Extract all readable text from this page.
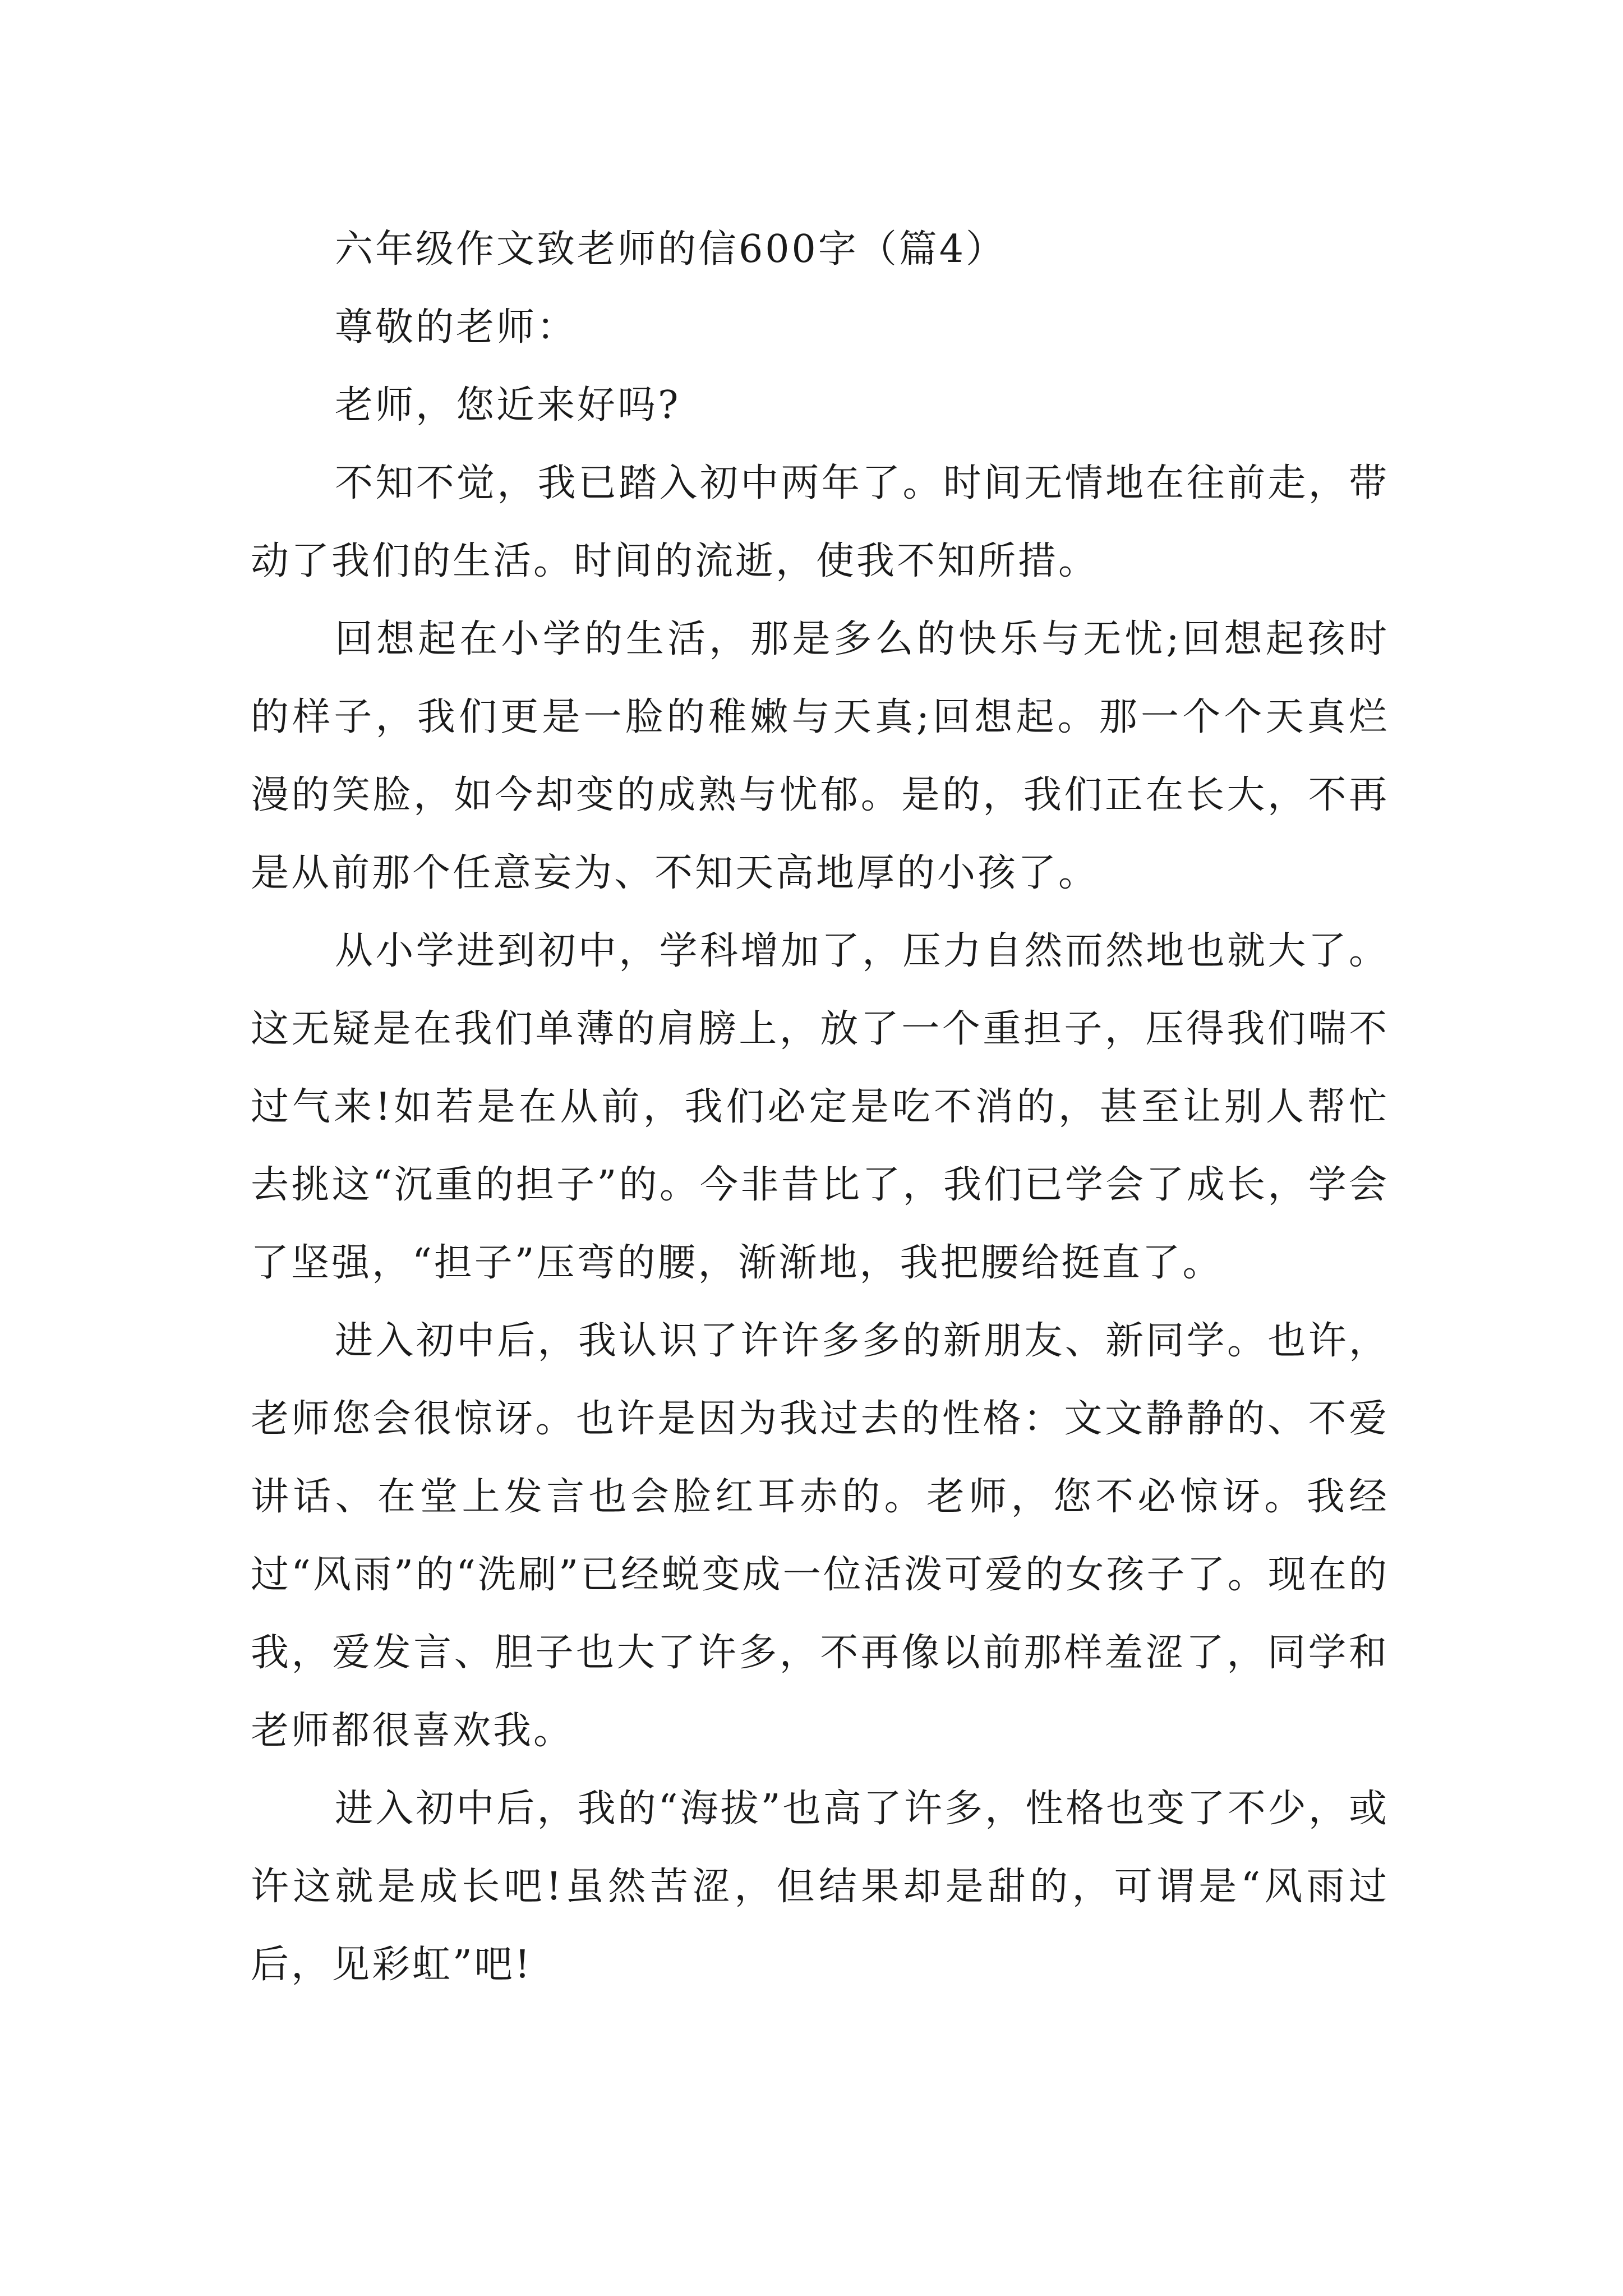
六年级作文致老师的信600字（篇4）

尊敬的老师：

老师，您近来好吗?

不知不觉，我已踏入初中两年了。时间无情地在往前走，带动了我们的生活。时间的流逝，使我不知所措。

回想起在小学的生活，那是多么的快乐与无忧;回想起孩时的样子，我们更是一脸的稚嫩与天真;回想起。那一个个天真烂漫的笑脸，如今却变的成熟与忧郁。是的，我们正在长大，不再是从前那个任意妄为、不知天高地厚的小孩了。

从小学进到初中，学科增加了，压力自然而然地也就大了。这无疑是在我们单薄的肩膀上，放了一个重担子，压得我们喘不过气来!如若是在从前，我们必定是吃不消的，甚至让别人帮忙去挑这“沉重的担子”的。今非昔比了，我们已学会了成长，学会了坚强，“担子”压弯的腰，渐渐地，我把腰给挺直了。

进入初中后，我认识了许许多多的新朋友、新同学。也许，老师您会很惊讶。也许是因为我过去的性格：文文静静的、不爱讲话、在堂上发言也会脸红耳赤的。老师，您不必惊讶。我经过“风雨”的“洗刷”已经蜕变成一位活泼可爱的女孩子了。现在的我，爱发言、胆子也大了许多，不再像以前那样羞涩了，同学和老师都很喜欢我。

进入初中后，我的“海拔”也高了许多，性格也变了不少，或许这就是成长吧!虽然苦涩，但结果却是甜的，可谓是“风雨过后，见彩虹”吧!
